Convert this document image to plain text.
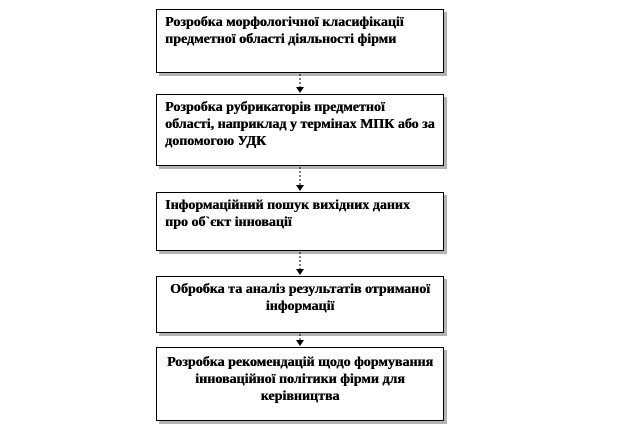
Розробка морфологічної класифікації предметної області діяльності фірми
Розробка рубрикаторів предметної області, наприклад у термінах МПК або за допомогою УДК
Інформаційний пошук вихідних даних про об`єкт інновації
Обробка та аналіз результатів отриманої інформації
Розробка рекомендацій щодо формування інноваційної політики фірми для керівництва
